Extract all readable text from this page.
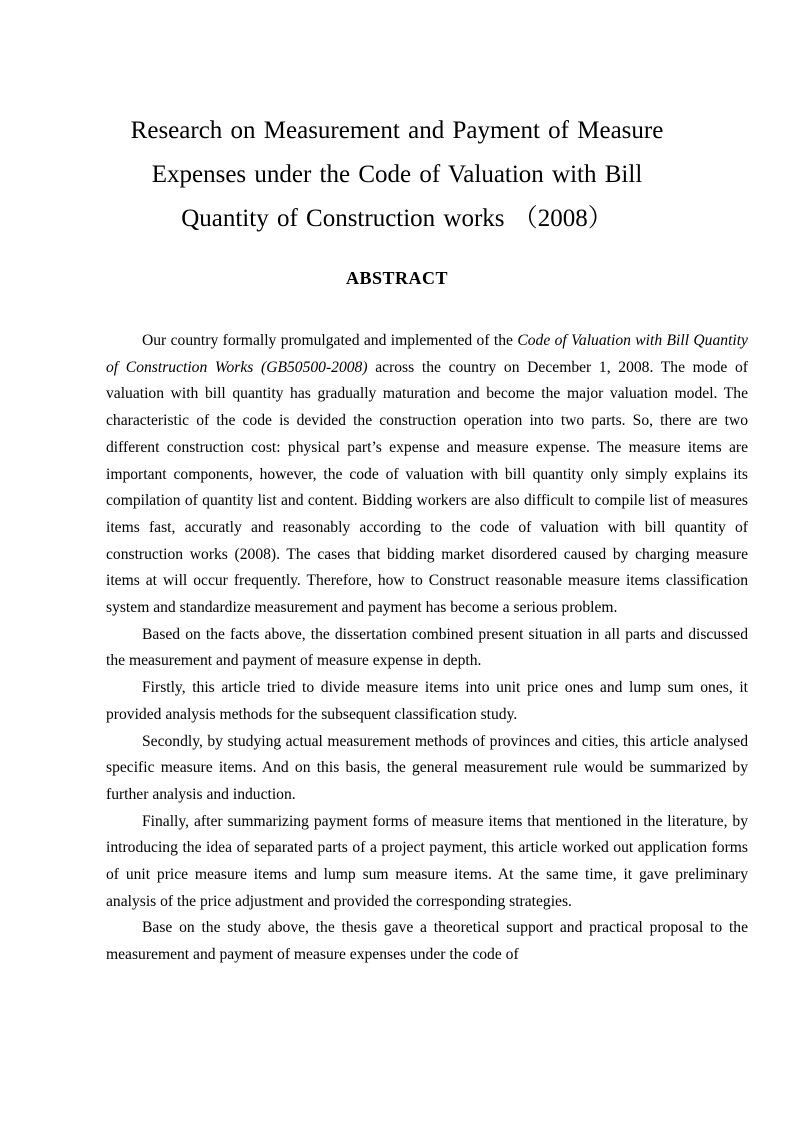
Research on Measurement and Payment of Measure
Expenses under the Code of Valuation with Bill
Quantity of Construction works （2008）
ABSTRACT

Our country formally promulgated and implemented of the Code of Valuation with Bill Quantity of Construction Works (GB50500-2008) across the country on December 1, 2008. The mode of valuation with bill quantity has gradually maturation and become the major valuation model. The characteristic of the code is devided the construction operation into two parts. So, there are two different construction cost: physical part’s expense and measure expense. The measure items are important components, however, the code of valuation with bill quantity only simply explains its compilation of quantity list and content. Bidding workers are also difficult to compile list of measures items fast, accuratly and reasonably according to the code of valuation with bill quantity of construction works (2008). The cases that bidding market disordered caused by charging measure items at will occur frequently. Therefore, how to Construct reasonable measure items classification system and standardize measurement and payment has become a serious problem.

Based on the facts above, the dissertation combined present situation in all parts and discussed the measurement and payment of measure expense in depth.

Firstly, this article tried to divide measure items into unit price ones and lump sum ones, it provided analysis methods for the subsequent classification study.

Secondly, by studying actual measurement methods of provinces and cities, this article analysed specific measure items. And on this basis, the general measurement rule would be summarized by further analysis and induction.

Finally, after summarizing payment forms of measure items that mentioned in the literature, by introducing the idea of separated parts of a project payment, this article worked out application forms of unit price measure items and lump sum measure items. At the same time, it gave preliminary analysis of the price adjustment and provided the corresponding strategies.

Base on the study above, the thesis gave a theoretical support and practical proposal to the measurement and payment of measure expenses under the code of
